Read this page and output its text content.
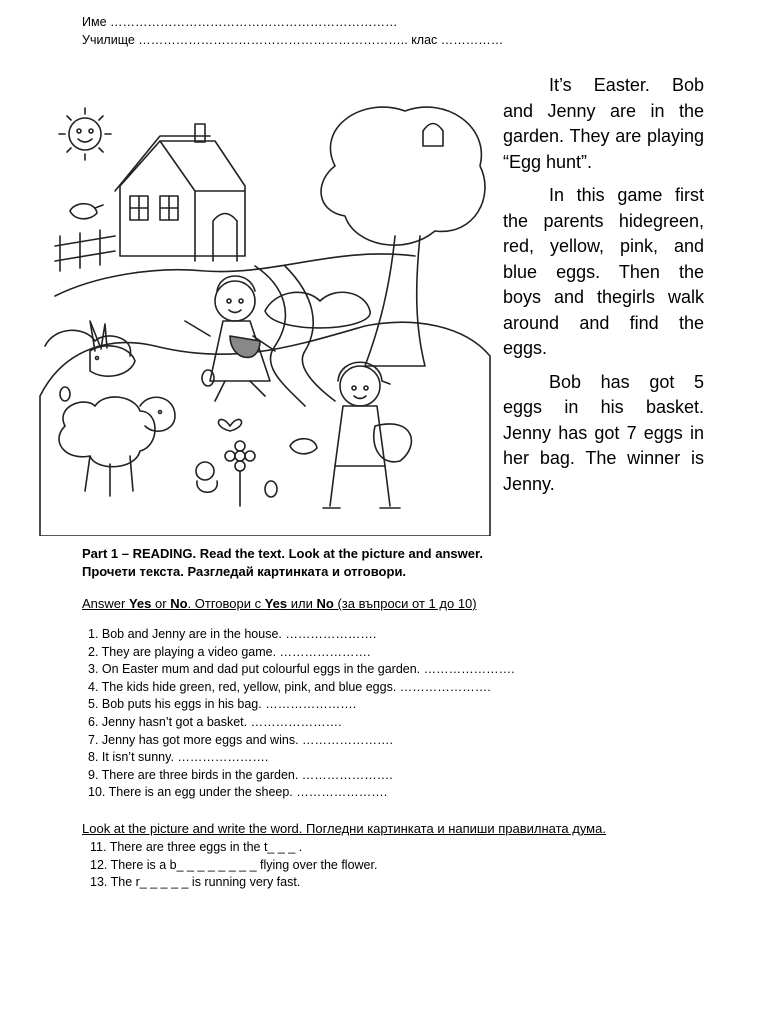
Име ……………………………………………………………
Училище ……………………………………………………….. клас ……………

It’s Easter. Bob and Jenny are in the garden. They are playing “Egg hunt”.

In this game first the parents hidegreen, red, yellow, pink, and blue eggs. Then the boys and thegirls walk around and find the eggs.

Bob has got 5 eggs in his basket. Jenny has got 7 eggs in her bag. The winner is Jenny.

Part 1 – READING. Read the text. Look at the picture and answer.
Прочети текста. Разгледай картинката и отговори.
Answer Yes or No. Отговори с Yes или No (за въпроси от 1 до 10)
1. Bob and Jenny are in the house. ………………….
2. They are playing a video game. ………………….
3. On Easter mum and dad put colourful eggs in the garden. ………………….
4. The kids hide green, red, yellow, pink, and blue eggs. ………………….
5. Bob puts his eggs in his bag. ………………….
6. Jenny hasn’t got a basket. ………………….
7. Jenny has got more eggs and wins. ………………….
8. It isn’t sunny. ………………….
9. There are three birds in the garden. ………………….
10. There is an egg under the sheep. ………………….
Look at the picture and write the word. Погледни картинката и напиши правилната дума.
11. There are three eggs in the t_ _ _ .
12. There is a b_ _ _ _ _ _ _ _ flying over the flower.
13. The r_ _ _ _ _ is running very fast.
